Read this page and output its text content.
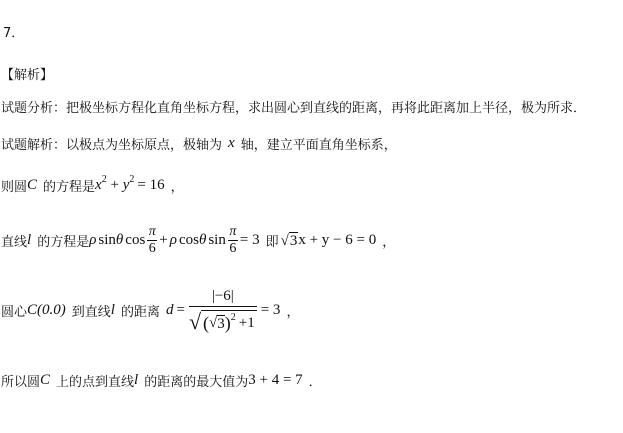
7．
【解析】
试题分析：把极坐标方程化直角坐标方程，求出圆心到直线的距离，再将此距离加上半径，极为所求．
试题解析：以极点为坐标原点，极轴为 x 轴，建立平面直角坐标系，
则圆 C 的方程是 x 2 + y 2 = 16 ，
直线 l 的方程是 ρ sin θ $\cos \frac{\pi}{6} + \rho$ cos θ $\sin \frac{\pi}{6} = 3$ 即 √ 3 x + y − 6 = 0 ，
圆心 C(0.0) 到直线 l 的距离 $d = \frac{|-6|}{√ ( √ 3 ) 2 +1} = 3$ ，
所以圆 C 上的点到直线 l 的距离的最大值为 3 + 4 = 7 ．
